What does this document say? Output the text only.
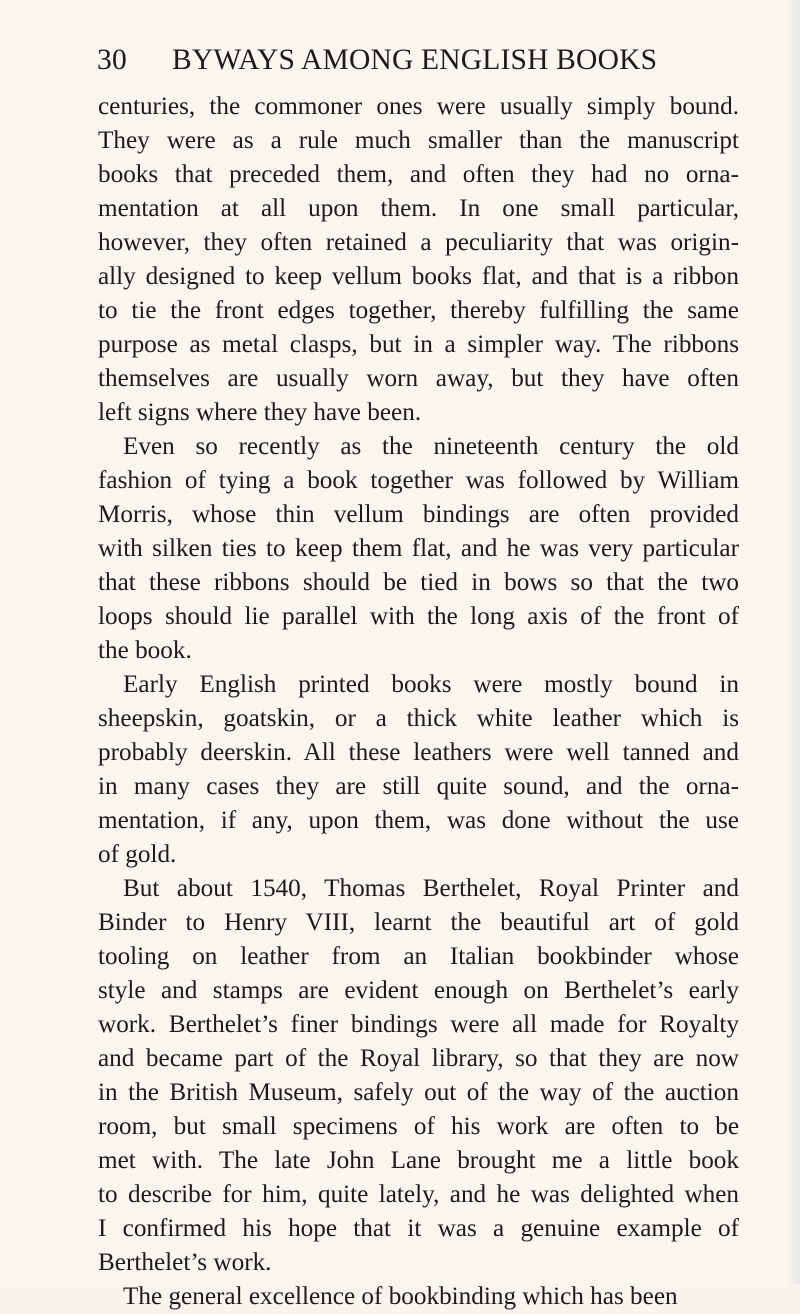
30 BYWAYS AMONG ENGLISH BOOKS
centuries, the commoner ones were usually simply bound.
They were as a rule much smaller than the manuscript
books that preceded them, and often they had no orna-
mentation at all upon them. In one small particular,
however, they often retained a peculiarity that was origin-
ally designed to keep vellum books flat, and that is a ribbon
to tie the front edges together, thereby fulfilling the same
purpose as metal clasps, but in a simpler way. The ribbons
themselves are usually worn away, but they have often
left signs where they have been.
Even so recently as the nineteenth century the old
fashion of tying a book together was followed by William
Morris, whose thin vellum bindings are often provided
with silken ties to keep them flat, and he was very particular
that these ribbons should be tied in bows so that the two
loops should lie parallel with the long axis of the front of
the book.
Early English printed books were mostly bound in
sheepskin, goatskin, or a thick white leather which is
probably deerskin. All these leathers were well tanned and
in many cases they are still quite sound, and the orna-
mentation, if any, upon them, was done without the use
of gold.
But about 1540, Thomas Berthelet, Royal Printer and
Binder to Henry VIII, learnt the beautiful art of gold
tooling on leather from an Italian bookbinder whose
style and stamps are evident enough on Berthelet’s early
work. Berthelet’s finer bindings were all made for Royalty
and became part of the Royal library, so that they are now
in the British Museum, safely out of the way of the auction
room, but small specimens of his work are often to be
met with. The late John Lane brought me a little book
to describe for him, quite lately, and he was delighted when
I confirmed his hope that it was a genuine example of
Berthelet’s work.
The general excellence of bookbinding which has been
